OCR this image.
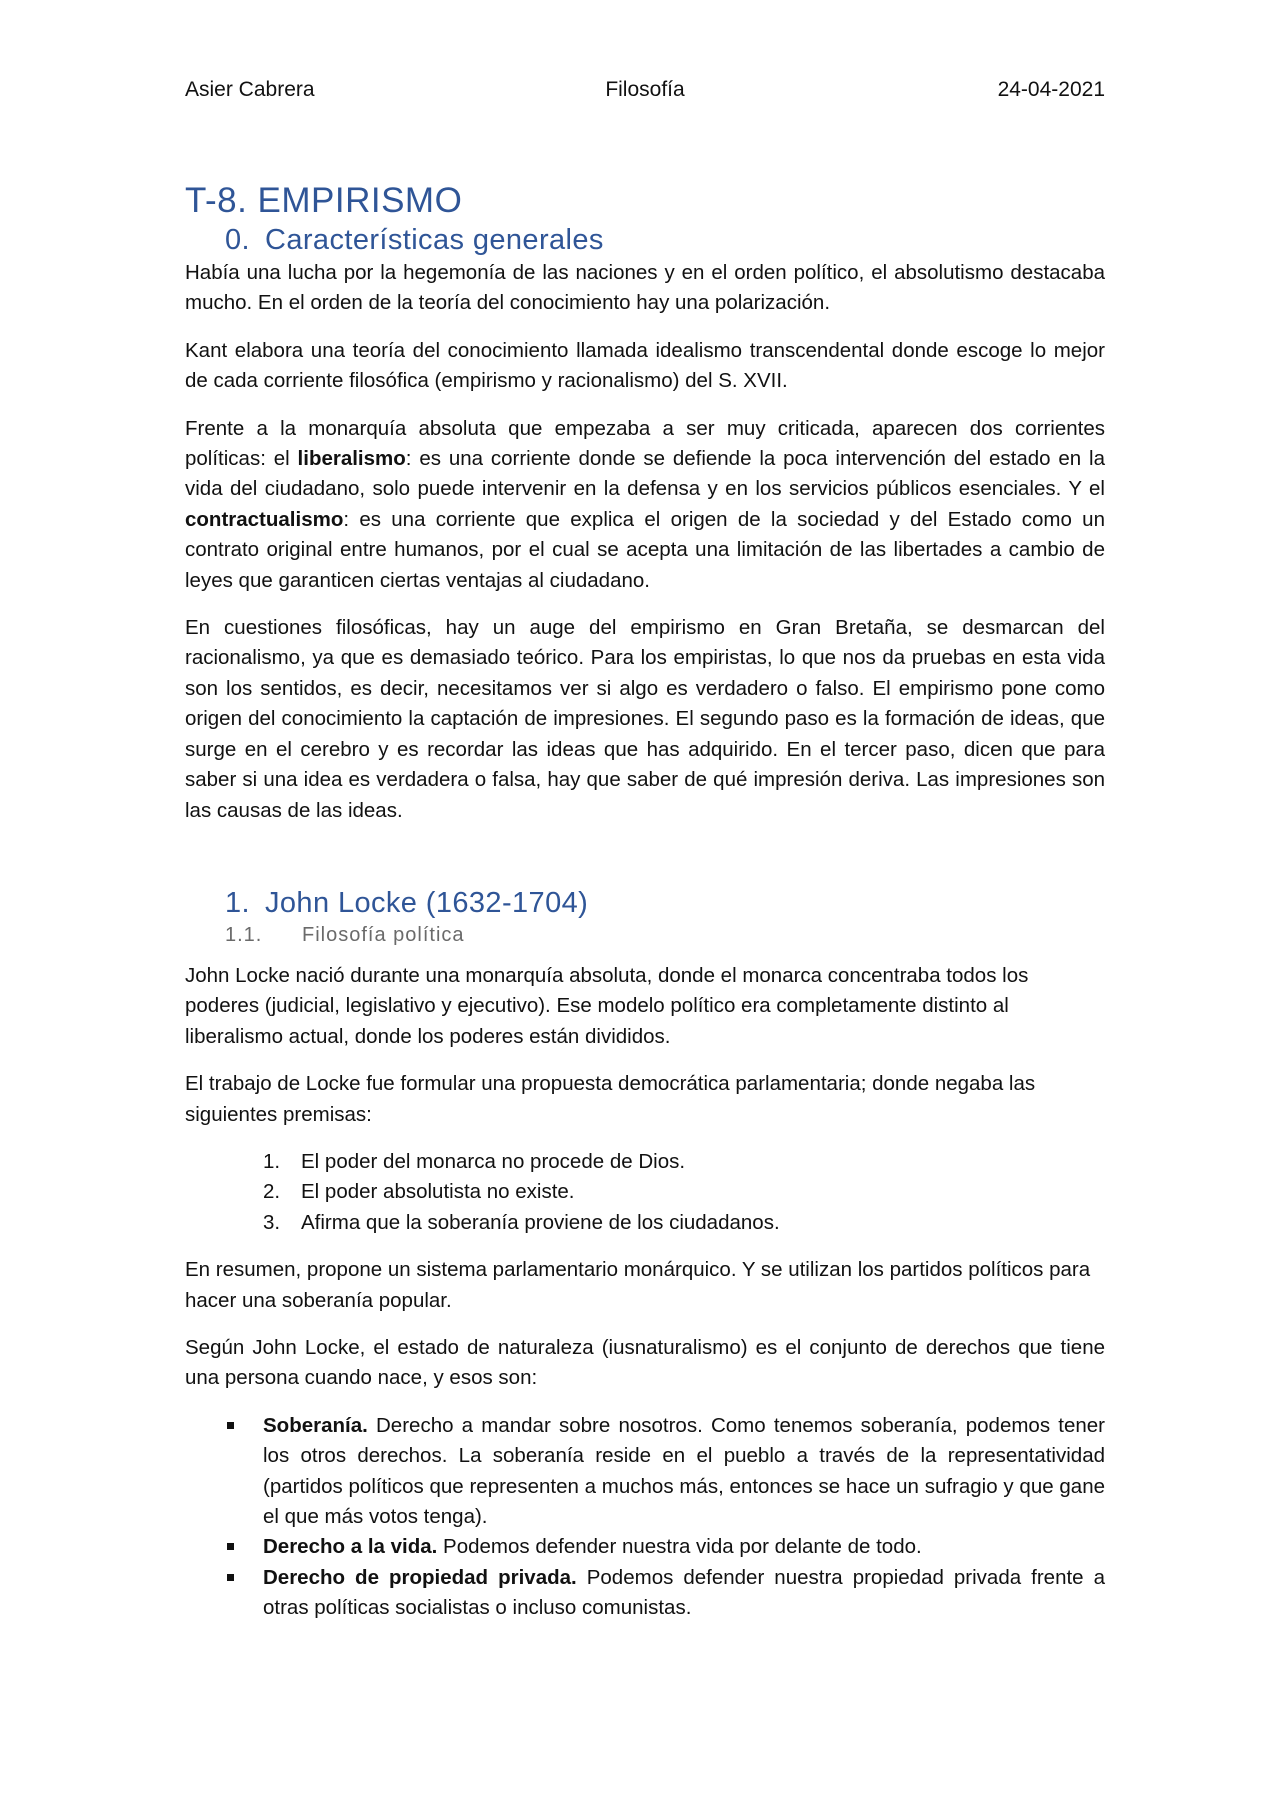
Asier Cabrera	Filosofía	24-04-2021
T-8. EMPIRISMO
0. Características generales

Había una lucha por la hegemonía de las naciones y en el orden político, el absolutismo destacaba mucho. En el orden de la teoría del conocimiento hay una polarización.

Kant elabora una teoría del conocimiento llamada idealismo transcendental donde escoge lo mejor de cada corriente filosófica (empirismo y racionalismo) del S. XVII.

Frente a la monarquía absoluta que empezaba a ser muy criticada, aparecen dos corrientes políticas: el liberalismo: es una corriente donde se defiende la poca intervención del estado en la vida del ciudadano, solo puede intervenir en la defensa y en los servicios públicos esenciales. Y el contractualismo: es una corriente que explica el origen de la sociedad y del Estado como un contrato original entre humanos, por el cual se acepta una limitación de las libertades a cambio de leyes que garanticen ciertas ventajas al ciudadano.

En cuestiones filosóficas, hay un auge del empirismo en Gran Bretaña, se desmarcan del racionalismo, ya que es demasiado teórico. Para los empiristas, lo que nos da pruebas en esta vida son los sentidos, es decir, necesitamos ver si algo es verdadero o falso. El empirismo pone como origen del conocimiento la captación de impresiones. El segundo paso es la formación de ideas, que surge en el cerebro y es recordar las ideas que has adquirido. En el tercer paso, dicen que para saber si una idea es verdadera o falsa, hay que saber de qué impresión deriva. Las impresiones son las causas de las ideas.

1. John Locke (1632-1704)
1.1. Filosofía política

John Locke nació durante una monarquía absoluta, donde el monarca concentraba todos los poderes (judicial, legislativo y ejecutivo). Ese modelo político era completamente distinto al liberalismo actual, donde los poderes están divididos.

El trabajo de Locke fue formular una propuesta democrática parlamentaria; donde negaba las siguientes premisas:

1. El poder del monarca no procede de Dios.
2. El poder absolutista no existe.
3. Afirma que la soberanía proviene de los ciudadanos.

En resumen, propone un sistema parlamentario monárquico. Y se utilizan los partidos políticos para hacer una soberanía popular.

Según John Locke, el estado de naturaleza (iusnaturalismo) es el conjunto de derechos que tiene una persona cuando nace, y esos son:

Soberanía. Derecho a mandar sobre nosotros. Como tenemos soberanía, podemos tener los otros derechos. La soberanía reside en el pueblo a través de la representatividad (partidos políticos que representen a muchos más, entonces se hace un sufragio y que gane el que más votos tenga).
Derecho a la vida. Podemos defender nuestra vida por delante de todo.
Derecho de propiedad privada. Podemos defender nuestra propiedad privada frente a otras políticas socialistas o incluso comunistas.
